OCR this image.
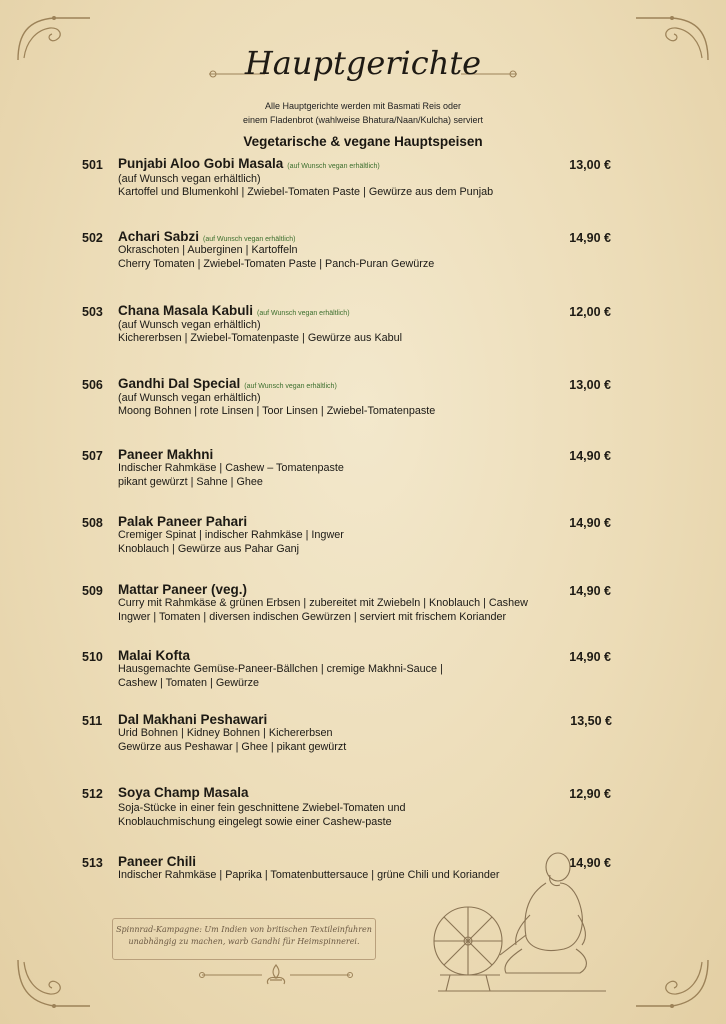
Hauptgerichte
Alle Hauptgerichte werden mit Basmati Reis oder
einem Fladenbrot (wahlweise Bhatura/Naan/Kulcha) serviert
Vegetarische & vegane Hauptspeisen
501	Punjabi Aloo Gobi Masala (auf Wunsch vegan erhältlich)	13,00 €
(auf Wunsch vegan erhältlich)
Kartoffel und Blumenkohl | Zwiebel-Tomaten Paste | Gewürze aus dem Punjab
502	Achari Sabzi (auf Wunsch vegan erhältlich)	14,90 €
Okraschoten | Auberginen | Kartoffeln
Cherry Tomaten | Zwiebel-Tomaten Paste | Panch-Puran Gewürze
503	Chana Masala Kabuli (auf Wunsch vegan erhältlich)	12,00 €
(auf Wunsch vegan erhältlich)
Kichererbsen | Zwiebel-Tomatenpaste | Gewürze aus Kabul
506	Gandhi Dal Special (auf Wunsch vegan erhältlich)	13,00 €
(auf Wunsch vegan erhältlich)
Moong Bohnen | rote Linsen | Toor Linsen | Zwiebel-Tomatenpaste
507	Paneer Makhni	14,90 €
Indischer Rahmkäse | Cashew – Tomatenpaste
pikant gewürzt | Sahne | Ghee
508	Palak Paneer Pahari	14,90 €
Cremiger Spinat | indischer Rahmkäse | Ingwer
Knoblauch | Gewürze aus Pahar Ganj
509	Mattar Paneer (veg.)	14,90 €
Curry mit Rahmkäse & grünen Erbsen | zubereitet mit Zwiebeln | Knoblauch | Cashew
Ingwer | Tomaten | diversen indischen Gewürzen | serviert mit frischem Koriander
510	Malai Kofta	14,90 €
Hausgemachte Gemüse-Paneer-Bällchen | cremige Makhni-Sauce |
Cashew | Tomaten | Gewürze
511	Dal Makhani Peshawari	13,50 €
Urid Bohnen | Kidney Bohnen | Kichererbsen
Gewürze aus Peshawar | Ghee | pikant gewürzt
512	Soya Champ Masala	12,90 €
Soja-Stücke in einer fein geschnittene Zwiebel-Tomaten und
Knoblauchmischung eingelegt sowie einer Cashew-paste
513	Paneer Chili	14,90 €
Indischer Rahmkäse | Paprika | Tomatenbuttersauce | grüne Chili und Koriander
Spinnrad-Kampagne: Um Indien von britischen Textileinfuhren
unabhängig zu machen, warb Gandhi für Heimspinnerei.
